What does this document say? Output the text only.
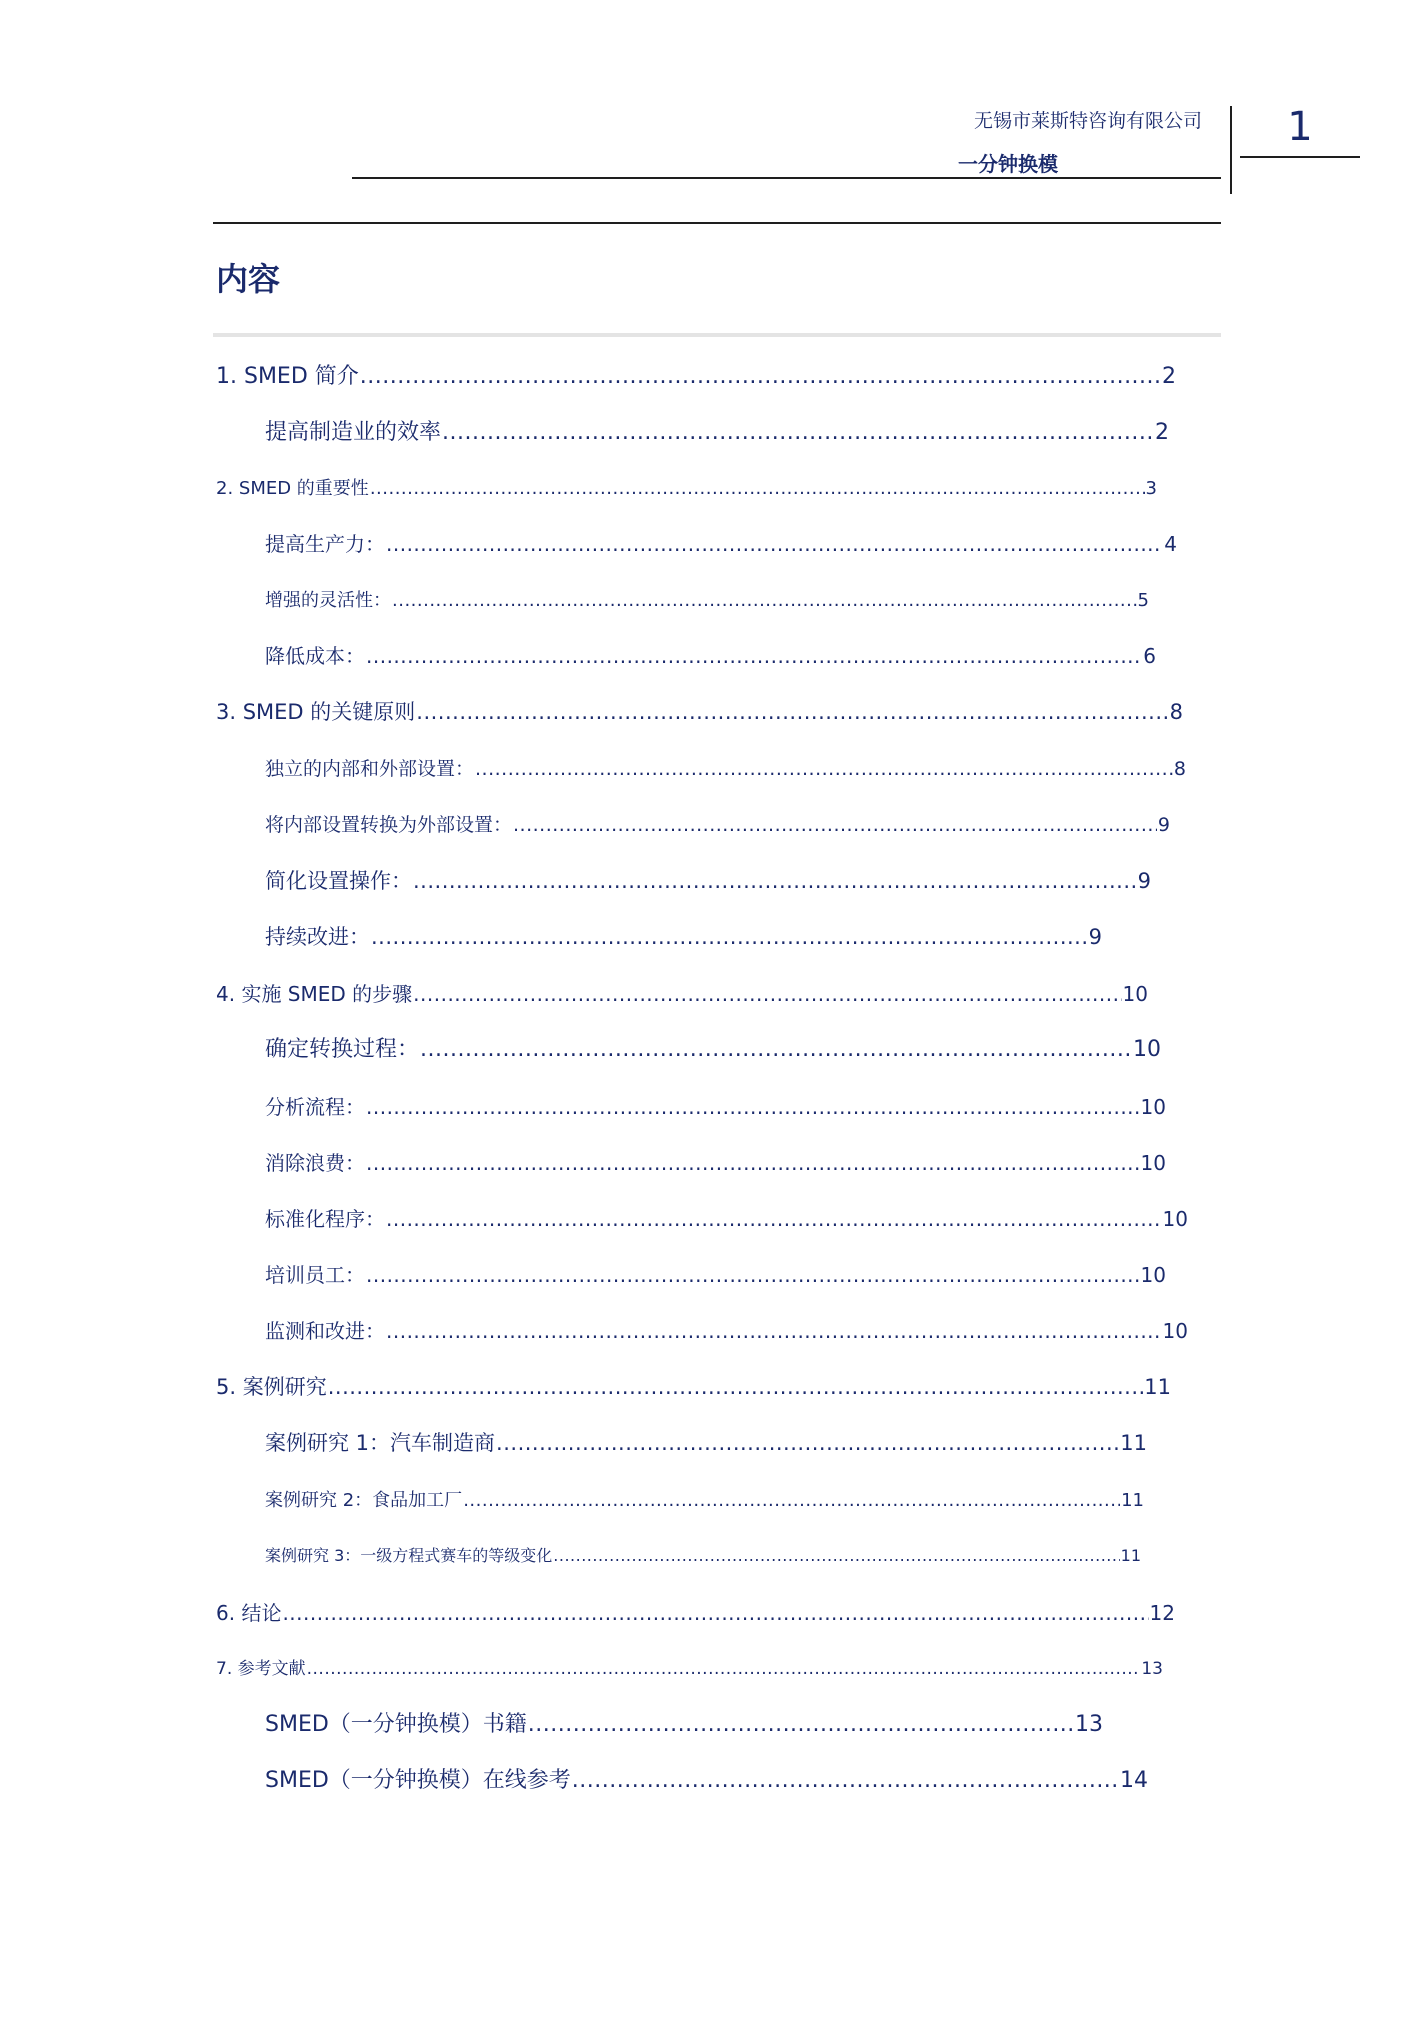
无锡市莱斯特咨询有限公司
一分钟换模
1
内容
1. SMED 简介 .....	2
提高制造业的效率 .....	2
2. SMED 的重要性 .....	3
提高生产力： .....	4
增强的灵活性： .....	5
降低成本： .....	6
3. SMED 的关键原则 .....	8
独立的内部和外部设置： .....	8
将内部设置转换为外部设置： .....	9
简化设置操作： .....	9
持续改进： .....	9
4. 实施 SMED 的步骤 .....	10
确定转换过程： .....	10
分析流程： .....	10
消除浪费： .....	10
标准化程序： .....	10
培训员工： .....	10
监测和改进： .....	10
5. 案例研究 .....	11
案例研究 1：汽车制造商 .....	11
案例研究 2：食品加工厂 .....	11
案例研究 3：一级方程式赛车的等级变化 .....	11
6. 结论 .....	12
7. 参考文献 .....	13
SMED（一分钟换模）书籍 .....	13
SMED（一分钟换模）在线参考 .....	14
